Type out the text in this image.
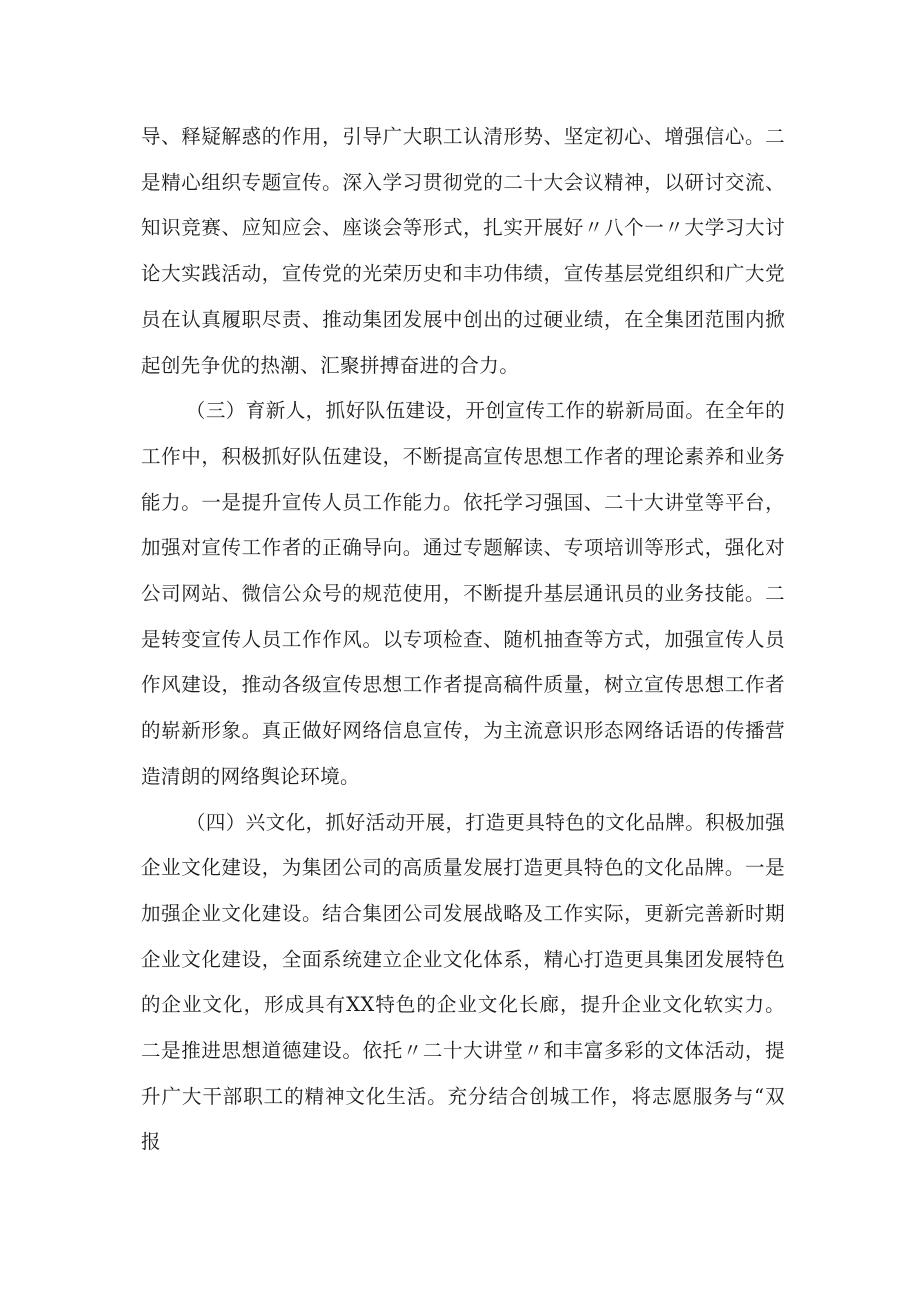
导、释疑解惑的作用，引导广大职工认清形势、坚定初心、增强信心。二是精心组织专题宣传。深入学习贯彻党的二十大会议精神，以研讨交流、知识竞赛、应知应会、座谈会等形式，扎实开展好〃八个一〃大学习大讨论大实践活动，宣传党的光荣历史和丰功伟绩，宣传基层党组织和广大党员在认真履职尽责、推动集团发展中创出的过硬业绩，在全集团范围内掀起创先争优的热潮、汇聚拼搏奋进的合力。

（三）育新人，抓好队伍建设，开创宣传工作的崭新局面。在全年的工作中，积极抓好队伍建设，不断提高宣传思想工作者的理论素养和业务能力。一是提升宣传人员工作能力。依托学习强国、二十大讲堂等平台，加强对宣传工作者的正确导向。通过专题解读、专项培训等形式，强化对公司网站、微信公众号的规范使用，不断提升基层通讯员的业务技能。二是转变宣传人员工作作风。以专项检查、随机抽查等方式，加强宣传人员作风建设，推动各级宣传思想工作者提高稿件质量，树立宣传思想工作者的崭新形象。真正做好网络信息宣传，为主流意识形态网络话语的传播营造清朗的网络舆论环境。

（四）兴文化，抓好活动开展，打造更具特色的文化品牌。积极加强企业文化建设，为集团公司的高质量发展打造更具特色的文化品牌。一是加强企业文化建设。结合集团公司发展战略及工作实际，更新完善新时期企业文化建设，全面系统建立企业文化体系，精心打造更具集团发展特色的企业文化，形成具有XX特色的企业文化长廊，提升企业文化软实力。二是推进思想道德建设。依托〃二十大讲堂〃和丰富多彩的文体活动，提升广大干部职工的精神文化生活。充分结合创城工作，将志愿服务与“双报
